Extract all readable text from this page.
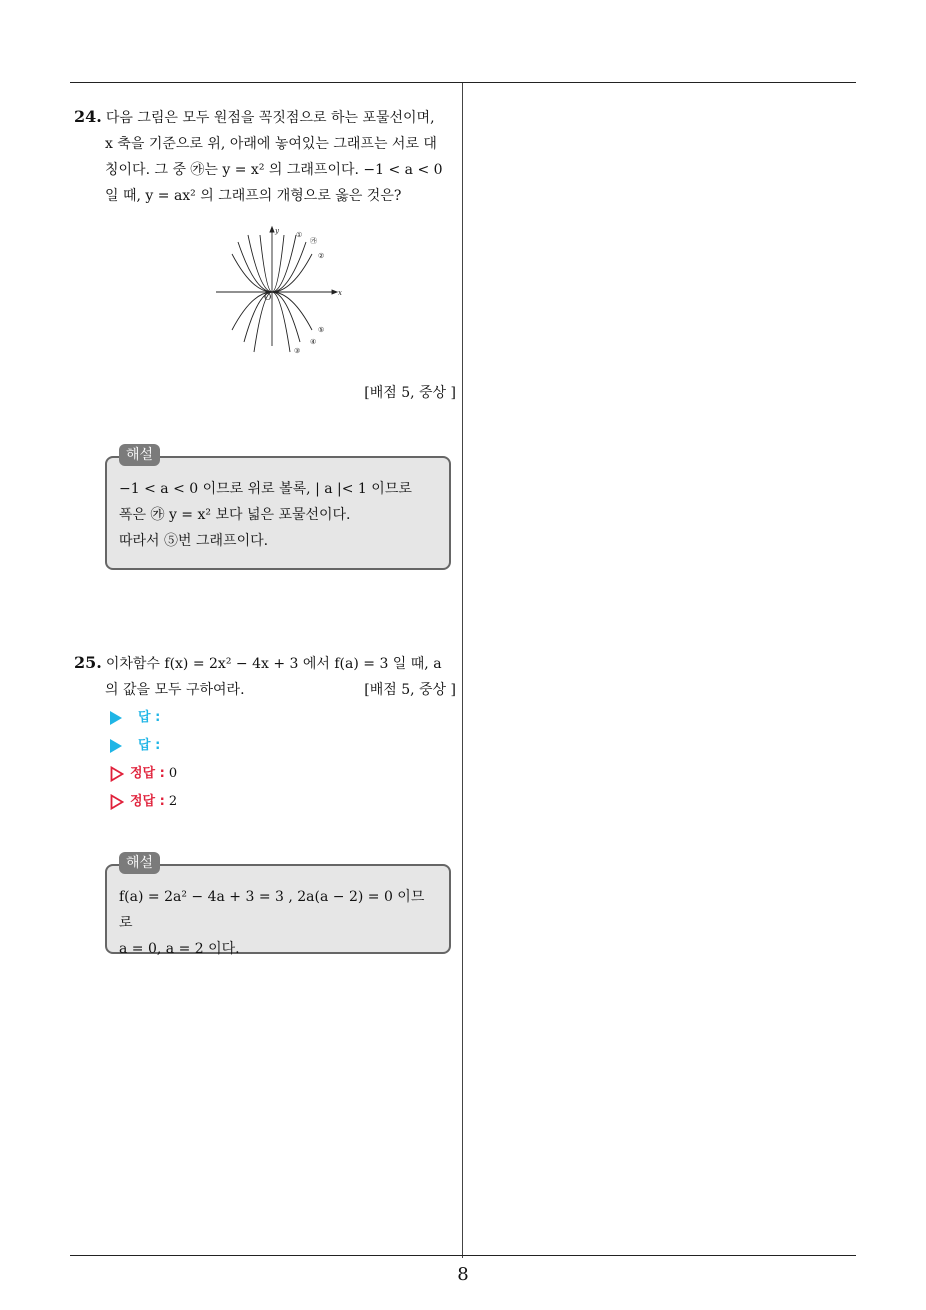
24. 다음 그림은 모두 원점을 꼭짓점으로 하는 포물선이며,
x 축을 기준으로 위, 아래에 놓여있는 그래프는 서로 대
칭이다. 그 중 ㉮는 y = x² 의 그래프이다. −1 < a < 0
일 때, y = ax² 의 그래프의 개형으로 옳은 것은?
y
x
O
①
㉮
②
⑤
④
③
[배점 5, 중상 ]
해설
−1 < a < 0 이므로 위로 볼록, | a |< 1 이므로
폭은 ㉮ y = x² 보다 넓은 포물선이다.
따라서 ⑤번 그래프이다.
25. 이차함수 f(x) = 2x² − 4x + 3 에서 f(a) = 3 일 때, a
의 값을 모두 구하여라.	[배점 5, 중상 ]
답 :
답 :
정답 : 0
정답 : 2
해설
f(a) = 2a² − 4a + 3 = 3 , 2a(a − 2) = 0 이므로
a = 0, a = 2 이다.
8
